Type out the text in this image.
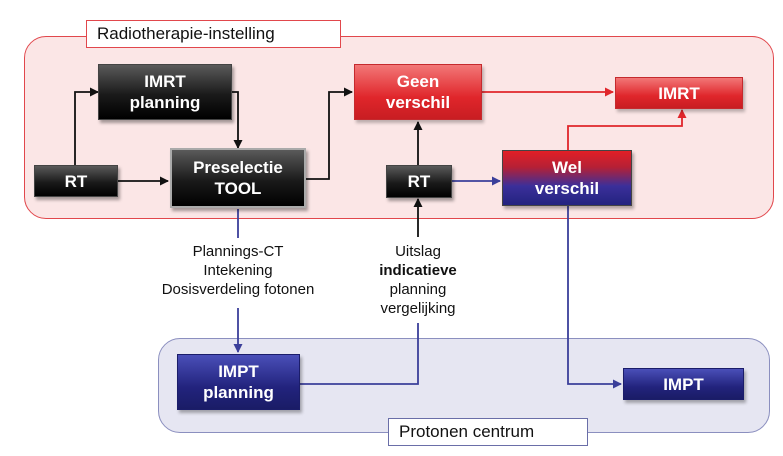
Radiotherapie-instelling
Protonen centrum
IMRT
planning
RT
Preselectie
TOOL
Geen
verschil	IMRT
RT
Wel
verschil
IMPT
planning	IMPT
Plannings-CT
Intekening
Dosisverdeling fotonen
Uitslag
indicatieve
planning
vergelijking
